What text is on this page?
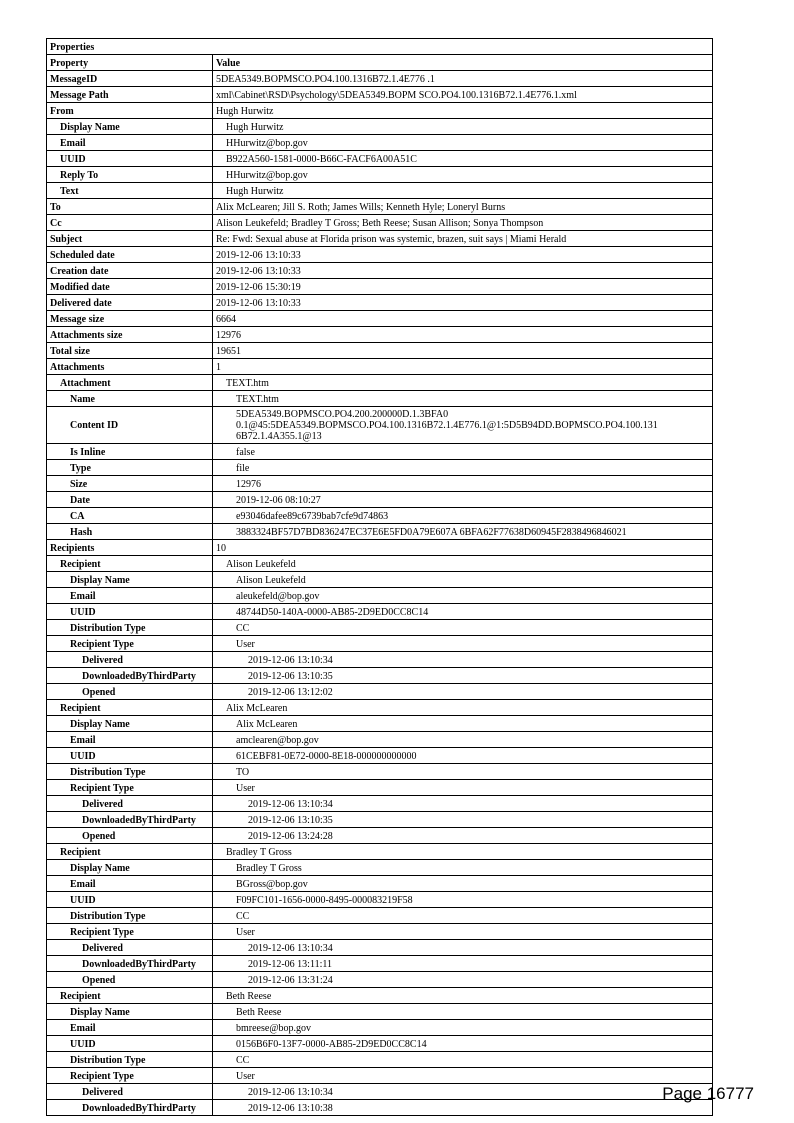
Properties	
Property	Value
MessageID	5DEA5349.BOPMSCO.PO4.100.1316B72.1.4E776 .1
Message Path	xml\Cabinet\RSD\Psychology\5DEA5349.BOPM SCO.PO4.100.1316B72.1.4E776.1.xml
From	Hugh Hurwitz
Display Name	Hugh Hurwitz
Email	HHurwitz@bop.gov
UUID	B922A560-1581-0000-B66C-FACF6A00A51C
Reply To	HHurwitz@bop.gov
Text	Hugh Hurwitz
To	Alix McLearen; Jill S. Roth; James Wills; Kenneth Hyle; Loneryl Burns
Cc	Alison Leukefeld; Bradley T Gross; Beth Reese; Susan Allison; Sonya Thompson
Subject	Re: Fwd: Sexual abuse at Florida prison was systemic, brazen, suit says | Miami Herald
Scheduled date	2019-12-06 13:10:33
Creation date	2019-12-06 13:10:33
Modified date	2019-12-06 15:30:19
Delivered date	2019-12-06 13:10:33
Message size	6664
Attachments size	12976
Total size	19651
Attachments	1
Attachment	TEXT.htm
Name	TEXT.htm
Content ID	5DEA5349.BOPMSCO.PO4.200.200000D.1.3BFA0 0.1@45:5DEA5349.BOPMSCO.PO4.100.1316B72.1.4E776.1@1:5D5B94DD.BOPMSCO.PO4.100.131 6B72.1.4A355.1@13
Is Inline	false
Type	file
Size	12976
Date	2019-12-06 08:10:27
CA	e93046dafee89c6739bab7cfe9d74863
Hash	3883324BF57D7BD836247EC37E6E5FD0A79E607A 6BFA62F77638D60945F2838496846021
Recipients	10
Recipient	Alison Leukefeld
Display Name	Alison Leukefeld
Email	aleukefeld@bop.gov
UUID	48744D50-140A-0000-AB85-2D9ED0CC8C14
Distribution Type	CC
Recipient Type	User
Delivered	2019-12-06 13:10:34
DownloadedByThirdParty	2019-12-06 13:10:35
Opened	2019-12-06 13:12:02
Recipient	Alix McLearen
Display Name	Alix McLearen
Email	amclearen@bop.gov
UUID	61CEBF81-0E72-0000-8E18-000000000000
Distribution Type	TO
Recipient Type	User
Delivered	2019-12-06 13:10:34
DownloadedByThirdParty	2019-12-06 13:10:35
Opened	2019-12-06 13:24:28
Recipient	Bradley T Gross
Display Name	Bradley T Gross
Email	BGross@bop.gov
UUID	F09FC101-1656-0000-8495-000083219F58
Distribution Type	CC
Recipient Type	User
Delivered	2019-12-06 13:10:34
DownloadedByThirdParty	2019-12-06 13:11:11
Opened	2019-12-06 13:31:24
Recipient	Beth Reese
Display Name	Beth Reese
Email	bmreese@bop.gov
UUID	0156B6F0-13F7-0000-AB85-2D9ED0CC8C14
Distribution Type	CC
Recipient Type	User
Delivered	2019-12-06 13:10:34
DownloadedByThirdParty	2019-12-06 13:10:38
Page 16777
